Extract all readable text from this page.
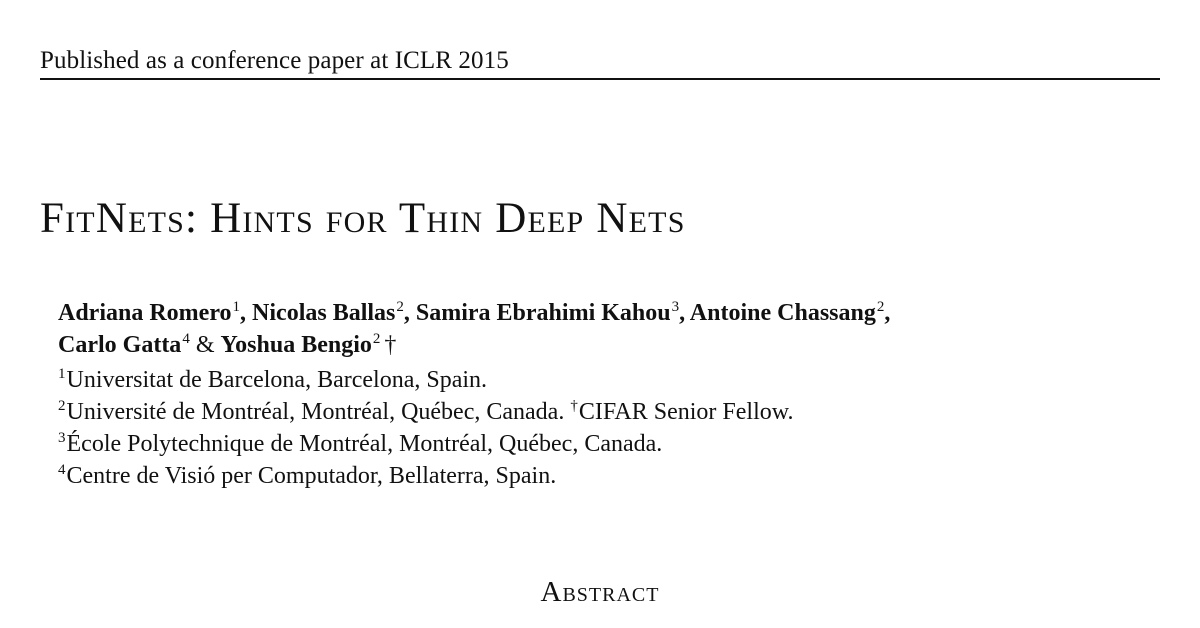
Published as a conference paper at ICLR 2015
FitNets: Hints for Thin Deep Nets
Adriana Romero$^1$, Nicolas Ballas$^2$, Samira Ebrahimi Kahou$^3$, Antoine Chassang$^2$,
Carlo Gatta$^4$ & Yoshua Bengio$^2$ †
$^1$Universitat de Barcelona, Barcelona, Spain.
$^2$Université de Montréal, Montréal, Québec, Canada. †CIFAR Senior Fellow.
$^3$École Polytechnique de Montréal, Montréal, Québec, Canada.
$^4$Centre de Visió per Computador, Bellaterra, Spain.
Abstract
